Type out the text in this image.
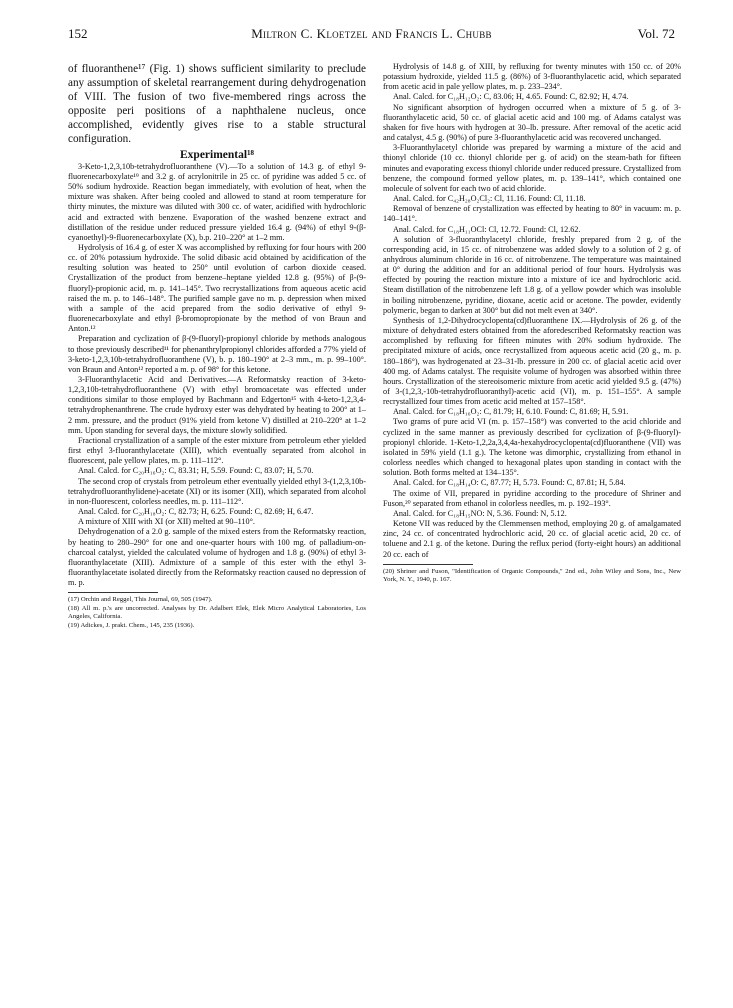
152	Miltron C. Kloetzel and Francis L. Chubb	Vol. 72

of fluoranthene¹⁷ (Fig. 1) shows sufficient similarity to preclude any assumption of skeletal rearrangement during dehydrogenation of VIII. The fusion of two five-membered rings across the opposite peri positions of a naphthalene nucleus, once accomplished, evidently gives rise to a stable structural configuration.

Experimental¹⁸

3-Keto-1,2,3,10b-tetrahydrofluoranthene (V).—To a solution of 14.3 g. of ethyl 9-fluorenecarboxylate¹⁹ and 3.2 g. of acrylonitrile in 25 cc. of pyridine was added 5 cc. of 50% sodium hydroxide. Reaction began immediately, with evolution of heat, when the mixture was shaken. After being cooled and allowed to stand at room temperature for thirty minutes, the mixture was diluted with 300 cc. of water, acidified with hydrochloric acid and extracted with benzene. Evaporation of the washed benzene extract and distillation of the residue under reduced pressure yielded 16.4 g. (94%) of ethyl 9-(β-cyanoethyl)-9-fluorenecarboxylate (X), b.p. 210–220° at 1–2 mm.

Hydrolysis of 16.4 g. of ester X was accomplished by refluxing for four hours with 200 cc. of 20% potassium hydroxide. The solid dibasic acid obtained by acidification of the resulting solution was heated to 250° until evolution of carbon dioxide ceased. Crystallization of the product from benzene–heptane yielded 12.8 g. (95%) of β-(9-fluoryl)-propionic acid, m. p. 141–145°. Two recrystallizations from aqueous acetic acid raised the m. p. to 146–148°. The purified sample gave no m. p. depression when mixed with a sample of the acid prepared from the sodio derivative of ethyl 9-fluorenecarboxylate and ethyl β-bromopropionate by the method of von Braun and Anton.¹²

Preparation and cyclization of β-(9-fluoryl)-propionyl chloride by methods analogous to those previously described¹¹ for phenanthrylpropionyl chlorides afforded a 77% yield of 3-keto-1,2,3,10b-tetrahydrofluoranthene (V), b. p. 180–190° at 2–3 mm., m. p. 99–100°. von Braun and Anton¹² reported a m. p. of 98° for this ketone.

3-Fluoranthylacetic Acid and Derivatives.—A Reformatsky reaction of 3-keto-1,2,3,10b-tetrahydrofluoranthene (V) with ethyl bromoacetate was effected under conditions similar to those employed by Bachmann and Edgerton¹⁵ with 4-keto-1,2,3,4-tetrahydrophenanthrene. The crude hydroxy ester was dehydrated by heating to 200° at 1–2 mm. pressure, and the product (91% yield from ketone V) distilled at 210–220° at 1–2 mm. Upon standing for several days, the mixture slowly solidified.

Fractional crystallization of a sample of the ester mixture from petroleum ether yielded first ethyl 3-fluoranthylacetate (XIII), which eventually separated from alcohol in fluorescent, pale yellow plates, m. p. 111–112°.

Anal. Calcd. for C₂₀H₁₆O₂: C, 83.31; H, 5.59. Found: C, 83.07; H, 5.70.

The second crop of crystals from petroleum ether eventually yielded ethyl 3-(1,2,3,10b-tetrahydrofluoranthylidene)-acetate (XI) or its isomer (XII), which separated from alcohol in non-fluorescent, colorless needles, m. p. 111–112°.

Anal. Calcd. for C₂₀H₁₈O₂: C, 82.73; H, 6.25. Found: C, 82.69; H, 6.47.

A mixture of XIII with XI (or XII) melted at 90–110°.

Dehydrogenation of a 2.0 g. sample of the mixed esters from the Reformatsky reaction, by heating to 280–290° for one and one-quarter hours with 100 mg. of palladium-on-charcoal catalyst, yielded the calculated volume of hydrogen and 1.8 g. (90%) of ethyl 3-fluoranthylacetate (XIII). Admixture of a sample of this ester with the ethyl 3-fluoranthylacetate isolated directly from the Reformatsky reaction caused no depression of m. p.

(17) Orchin and Reggel, This Journal, 69, 505 (1947).

(18) All m. p.'s are uncorrected. Analyses by Dr. Adalbert Elek, Elek Micro Analytical Laboratories, Los Angeles, California.

(19) Adickes, J. prakt. Chem., 145, 235 (1936).

Hydrolysis of 14.8 g. of XIII, by refluxing for twenty minutes with 150 cc. of 20% potassium hydroxide, yielded 11.5 g. (86%) of 3-fluoranthylacetic acid, which separated from acetic acid in pale yellow plates, m. p. 233–234°.

Anal. Calcd. for C₁₈H₁₂O₂: C, 83.06; H, 4.65. Found: C, 82.92; H, 4.74.

No significant absorption of hydrogen occurred when a mixture of 5 g. of 3-fluoranthylacetic acid, 50 cc. of glacial acetic acid and 100 mg. of Adams catalyst was shaken for five hours with hydrogen at 30–lb. pressure. After removal of the acetic acid and catalyst, 4.5 g. (90%) of pure 3-fluoranthylacetic acid was recovered unchanged.

3-Fluoranthylacetyl chloride was prepared by warming a mixture of the acid and thionyl chloride (10 cc. thionyl chloride per g. of acid) on the steam-bath for fifteen minutes and evaporating excess thionyl chloride under reduced pressure. Crystallized from benzene, the compound formed yellow plates, m. p. 139–141°, which contained one molecule of solvent for each two of acid chloride.

Anal. Calcd. for C₄₂H₂₈O₂Cl₂: Cl, 11.16. Found: Cl, 11.18.

Removal of benzene of crystallization was effected by heating to 80° in vacuum: m. p. 140–141°.

Anal. Calcd. for C₁₈H₁₁OCl: Cl, 12.72. Found: Cl, 12.62.

A solution of 3-fluoranthylacetyl chloride, freshly prepared from 2 g. of the corresponding acid, in 15 cc. of nitrobenzene was added slowly to a solution of 2 g. of anhydrous aluminum chloride in 16 cc. of nitrobenzene. The temperature was maintained at 0° during the addition and for an additional period of four hours. Hydrolysis was effected by pouring the reaction mixture into a mixture of ice and hydrochloric acid. Steam distillation of the nitrobenzene left 1.8 g. of a yellow powder which was insoluble in boiling nitrobenzene, pyridine, dioxane, acetic acid or acetone. The powder, evidently polymeric, began to darken at 300° but did not melt even at 340°.

Synthesis of 1,2-Dihydrocyclopenta(cd)fluoranthene IX.—Hydrolysis of 26 g. of the mixture of dehydrated esters obtained from the aforedescribed Reformatsky reaction was accomplished by refluxing for fifteen minutes with 20% sodium hydroxide. The precipitated mixture of acids, once recrystallized from aqueous acetic acid (20 g., m. p. 180–186°), was hydrogenated at 23–31-lb. pressure in 200 cc. of glacial acetic acid over 400 mg. of Adams catalyst. The requisite volume of hydrogen was absorbed within three hours. Crystallization of the stereoisomeric mixture from acetic acid yielded 9.5 g. (47%) of 3-(1,2,3,-10b-tetrahydrofluoranthyl)-acetic acid (VI), m. p. 151–155°. A sample recrystallized four times from acetic acid melted at 157–158°.

Anal. Calcd. for C₁₈H₁₆O₂: C, 81.79; H, 6.10. Found: C, 81.69; H, 5.91.

Two grams of pure acid VI (m. p. 157–158°) was converted to the acid chloride and cyclized in the same manner as previously described for cyclization of β-(9-fluoryl)-propionyl chloride. 1-Keto-1,2,2a,3,4,4a-hexahydrocyclopenta(cd)fluoranthene (VII) was isolated in 59% yield (1.1 g.). The ketone was dimorphic, crystallizing from ethanol in colorless needles which changed to hexagonal plates upon standing in contact with the solution. Both forms melted at 134–135°.

Anal. Calcd. for C₁₈H₁₄O: C, 87.77; H, 5.73. Found: C, 87.81; H, 5.84.

The oxime of VII, prepared in pyridine according to the procedure of Shriner and Fuson,²⁰ separated from ethanol in colorless needles, m. p. 192–193°.

Anal. Calcd. for C₁₈H₁₅NO: N, 5.36. Found: N, 5.12.

Ketone VII was reduced by the Clemmensen method, employing 20 g. of amalgamated zinc, 24 cc. of concentrated hydrochloric acid, 20 cc. of glacial acetic acid, 20 cc. of toluene and 2.1 g. of the ketone. During the reflux period (forty-eight hours) an additional 20 cc. each of

(20) Shriner and Fuson, "Identification of Organic Compounds," 2nd ed., John Wiley and Sons, Inc., New York, N. Y., 1940, p. 167.
